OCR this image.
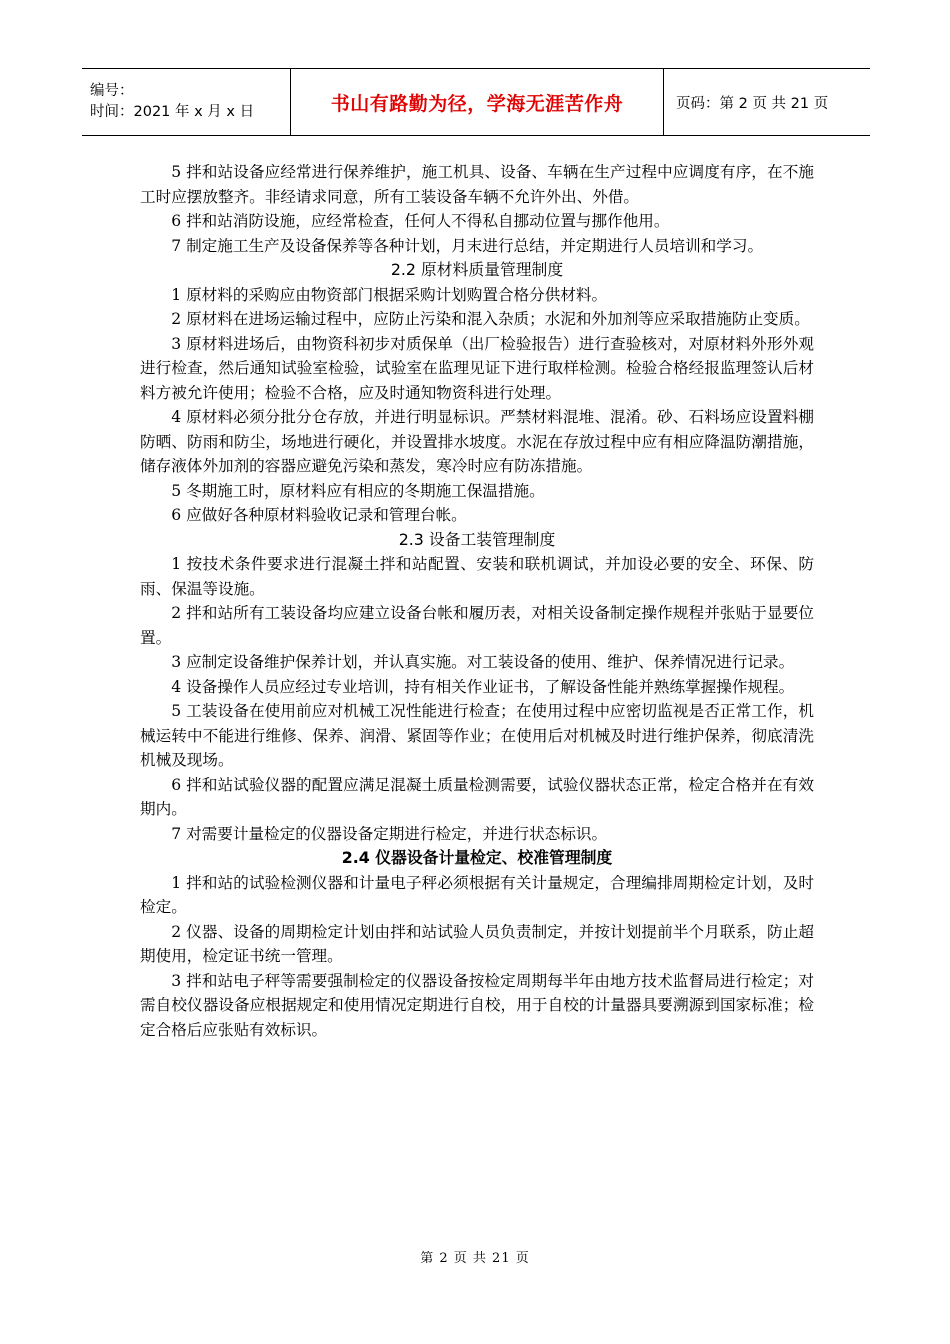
编号：
时间：2021 年 x 月 x 日	书山有路勤为径，学海无涯苦作舟	页码：第 2 页 共 21 页

5 拌和站设备应经常进行保养维护，施工机具、设备、车辆在生产过程中应调度有序，在不施工时应摆放整齐。非经请求同意，所有工装设备车辆不允许外出、外借。

6 拌和站消防设施，应经常检查，任何人不得私自挪动位置与挪作他用。

7 制定施工生产及设备保养等各种计划，月末进行总结，并定期进行人员培训和学习。

2.2 原材料质量管理制度

1 原材料的采购应由物资部门根据采购计划购置合格分供材料。

2 原材料在进场运输过程中，应防止污染和混入杂质；水泥和外加剂等应采取措施防止变质。

3 原材料进场后，由物资科初步对质保单（出厂检验报告）进行查验核对，对原材料外形外观进行检查，然后通知试验室检验，试验室在监理见证下进行取样检测。检验合格经报监理签认后材料方被允许使用；检验不合格，应及时通知物资科进行处理。

4 原材料必须分批分仓存放，并进行明显标识。严禁材料混堆、混淆。砂、石料场应设置料棚防晒、防雨和防尘，场地进行硬化，并设置排水坡度。水泥在存放过程中应有相应降温防潮措施，储存液体外加剂的容器应避免污染和蒸发，寒冷时应有防冻措施。

5 冬期施工时，原材料应有相应的冬期施工保温措施。

6 应做好各种原材料验收记录和管理台帐。

2.3 设备工装管理制度

1 按技术条件要求进行混凝土拌和站配置、安装和联机调试，并加设必要的安全、环保、防雨、保温等设施。

2 拌和站所有工装设备均应建立设备台帐和履历表，对相关设备制定操作规程并张贴于显要位置。

3 应制定设备维护保养计划，并认真实施。对工装设备的使用、维护、保养情况进行记录。

4 设备操作人员应经过专业培训，持有相关作业证书，了解设备性能并熟练掌握操作规程。

5 工装设备在使用前应对机械工况性能进行检查；在使用过程中应密切监视是否正常工作，机械运转中不能进行维修、保养、润滑、紧固等作业；在使用后对机械及时进行维护保养，彻底清洗机械及现场。

6 拌和站试验仪器的配置应满足混凝土质量检测需要，试验仪器状态正常，检定合格并在有效期内。

7 对需要计量检定的仪器设备定期进行检定，并进行状态标识。

2.4 仪器设备计量检定、校准管理制度

1 拌和站的试验检测仪器和计量电子秤必须根据有关计量规定，合理编排周期检定计划，及时检定。

2 仪器、设备的周期检定计划由拌和站试验人员负责制定，并按计划提前半个月联系，防止超期使用，检定证书统一管理。

3 拌和站电子秤等需要强制检定的仪器设备按检定周期每半年由地方技术监督局进行检定；对需自校仪器设备应根据规定和使用情况定期进行自校，用于自校的计量器具要溯源到国家标准；检定合格后应张贴有效标识。

第 2 页 共 21 页
